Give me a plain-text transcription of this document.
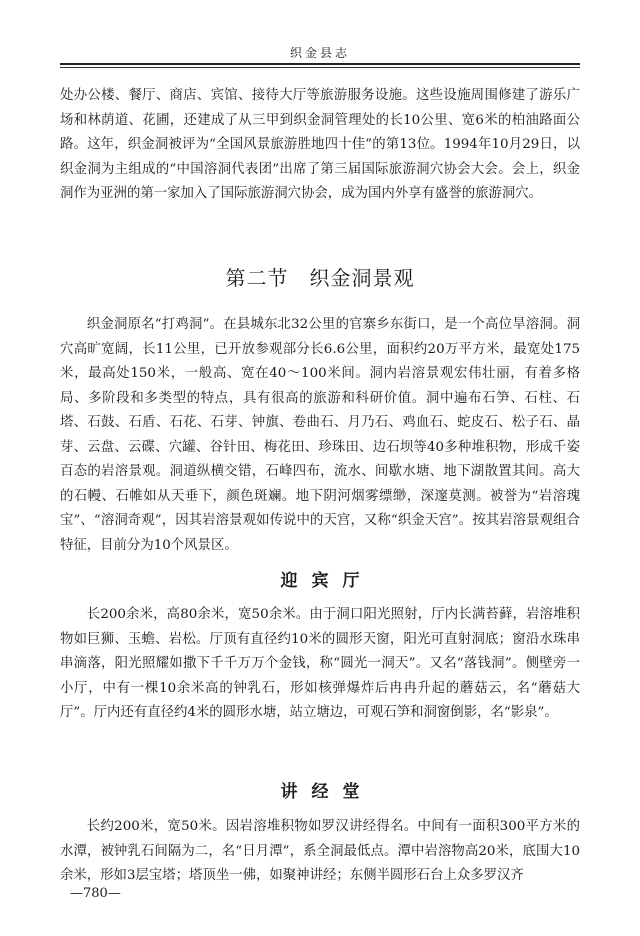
织金县志

处办公楼、餐厅、商店、宾馆、接待大厅等旅游服务设施。这些设施周围修建了游乐广场和林荫道、花圃，还建成了从三甲到织金洞管理处的长10公里、宽6米的柏油路面公路。这年，织金洞被评为“全国风景旅游胜地四十佳”的第13位。1994年10月29日，以织金洞为主组成的“中国溶洞代表团”出席了第三届国际旅游洞穴协会大会。会上，织金洞作为亚洲的第一家加入了国际旅游洞穴协会，成为国内外享有盛誉的旅游洞穴。

第二节　织金洞景观

织金洞原名“打鸡洞”。在县城东北32公里的官寨乡东街口，是一个高位旱溶洞。洞穴高旷宽阔，长11公里，已开放参观部分长6.6公里，面积约20万平方米，最宽处175米，最高处150米，一般高、宽在40～100米间。洞内岩溶景观宏伟壮丽，有着多格局、多阶段和多类型的特点，具有很高的旅游和科研价值。洞中遍布石笋、石柱、石塔、石鼓、石盾、石花、石芽、钟旗、卷曲石、月乃石、鸡血石、蛇皮石、松子石、晶芽、云盘、云碟、穴罐、谷针田、梅花田、珍珠田、边石坝等40多种堆积物，形成千姿百态的岩溶景观。洞道纵横交错，石峰四布，流水、间歇水塘、地下湖散置其间。高大的石幔、石帷如从天垂下，颜色斑斓。地下阴河烟雾缥缈，深邃莫测。被誉为“岩溶瑰宝”、“溶洞奇观”，因其岩溶景观如传说中的天宫，又称“织金天宫”。按其岩溶景观组合特征，目前分为10个风景区。

迎宾厅

长200余米，高80余米，宽50余米。由于洞口阳光照射，厅内长满苔藓，岩溶堆积物如巨狮、玉蟾、岩松。厅顶有直径约10米的圆形天窗，阳光可直射洞底；窗沿水珠串串滴落，阳光照耀如撒下千千万万个金钱，称“圆光一洞天”。又名“落钱洞”。侧壁旁一小厅，中有一棵10余米高的钟乳石，形如核弹爆炸后冉冉升起的蘑菇云，名“蘑菇大厅”。厅内还有直径约4米的圆形水塘，站立塘边，可观石笋和洞窗倒影，名“影泉”。

讲经堂

长约200米，宽50米。因岩溶堆积物如罗汉讲经得名。中间有一面积300平方米的水潭，被钟乳石间隔为二，名“日月潭”，系全洞最低点。潭中岩溶物高20米，底围大10余米，形如3层宝塔；塔顶坐一佛，如聚神讲经；东侧半圆形石台上众多罗汉齐

—780—
